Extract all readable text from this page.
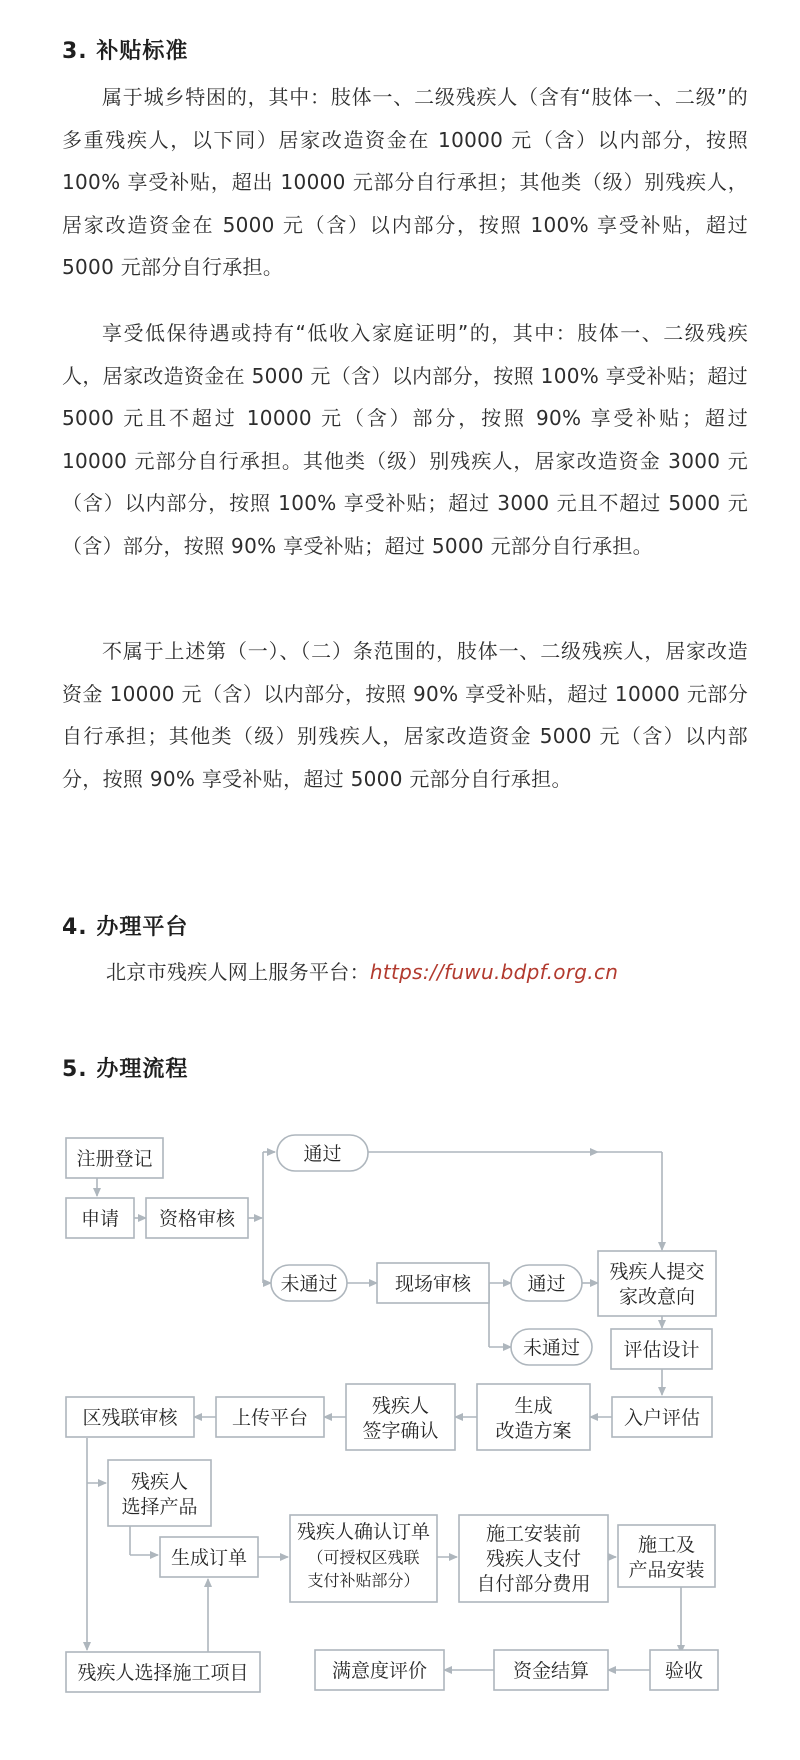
3. 补贴标准
属于城乡特困的，其中：肢体一、二级残疾人（含有“肢体一、二级”的多重残疾人，以下同）居家改造资金在 10000 元（含）以内部分，按照 100% 享受补贴，超出 10000 元部分自行承担；其他类（级）别残疾人，居家改造资金在 5000 元（含）以内部分，按照 100% 享受补贴，超过 5000 元部分自行承担。
享受低保待遇或持有“低收入家庭证明”的，其中：肢体一、二级残疾人，居家改造资金在 5000 元（含）以内部分，按照 100% 享受补贴；超过 5000 元且不超过 10000 元（含）部分，按照 90% 享受补贴；超过 10000 元部分自行承担。其他类（级）别残疾人，居家改造资金 3000 元（含）以内部分，按照 100% 享受补贴；超过 3000 元且不超过 5000 元（含）部分，按照 90% 享受补贴；超过 5000 元部分自行承担。
不属于上述第（一）、（二）条范围的，肢体一、二级残疾人，居家改造资金 10000 元（含）以内部分，按照 90% 享受补贴，超过 10000 元部分自行承担；其他类（级）别残疾人，居家改造资金 5000 元（含）以内部分，按照 90% 享受补贴，超过 5000 元部分自行承担。
4. 办理平台
北京市残疾人网上服务平台：https://fuwu.bdpf.org.cn
5. 办理流程
注册登记
申请 资格审核
通过
未通过	现场审核	通过
未通过
残疾人提交
家改意向
评估设计
入户评估
生成
改造方案
残疾人
签字确认
上传平台
区残联审核
残疾人
选择产品
生成订单
残疾人确认订单
（可授权区残联
支付补贴部分）
施工安装前
残疾人支付
自付部分费用
施工及
产品安装
验收
资金结算
满意度评价
残疾人选择施工项目
